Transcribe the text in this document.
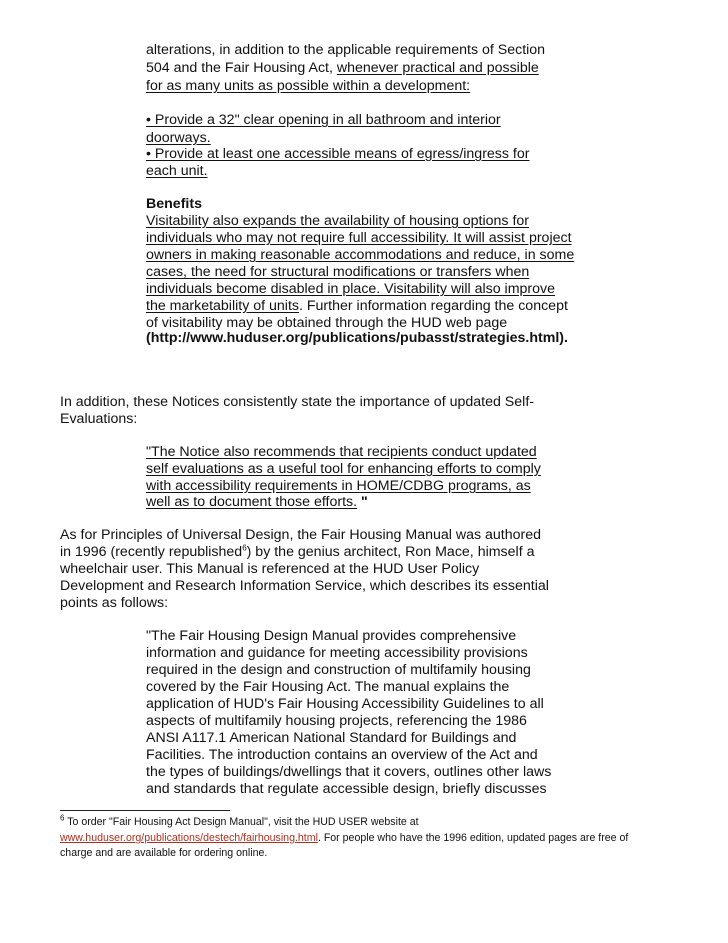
alterations, in addition to the applicable requirements of Section
504 and the Fair Housing Act, whenever practical and possible
for as many units as possible within a development:
• Provide a 32" clear opening in all bathroom and interior
doorways.
• Provide at least one accessible means of egress/ingress for
each unit.
Benefits
Visitability also expands the availability of housing options for
individuals who may not require full accessibility. It will assist project
owners in making reasonable accommodations and reduce, in some
cases, the need for structural modifications or transfers when
individuals become disabled in place. Visitability will also improve
the marketability of units. Further information regarding the concept
of visitability may be obtained through the HUD web page
(http://www.huduser.org/publications/pubasst/strategies.html).
In addition, these Notices consistently state the importance of updated Self-
Evaluations:
"The Notice also recommends that recipients conduct updated
self evaluations as a useful tool for enhancing efforts to comply
with accessibility requirements in HOME/CDBG programs, as
well as to document those efforts. "
As for Principles of Universal Design, the Fair Housing Manual was authored
in 1996 (recently republished$^6$) by the genius architect, Ron Mace, himself a
wheelchair user. This Manual is referenced at the HUD User Policy
Development and Research Information Service, which describes its essential
points as follows:
"The Fair Housing Design Manual provides comprehensive
information and guidance for meeting accessibility provisions
required in the design and construction of multifamily housing
covered by the Fair Housing Act. The manual explains the
application of HUD's Fair Housing Accessibility Guidelines to all
aspects of multifamily housing projects, referencing the 1986
ANSI A117.1 American National Standard for Buildings and
Facilities. The introduction contains an overview of the Act and
the types of buildings/dwellings that it covers, outlines other laws
and standards that regulate accessible design, briefly discusses
$^6$ To order "Fair Housing Act Design Manual", visit the HUD USER website at
www.huduser.org/publications/destech/fairhousing.html. For people who have the 1996 edition, updated pages are free of
charge and are available for ordering online.
